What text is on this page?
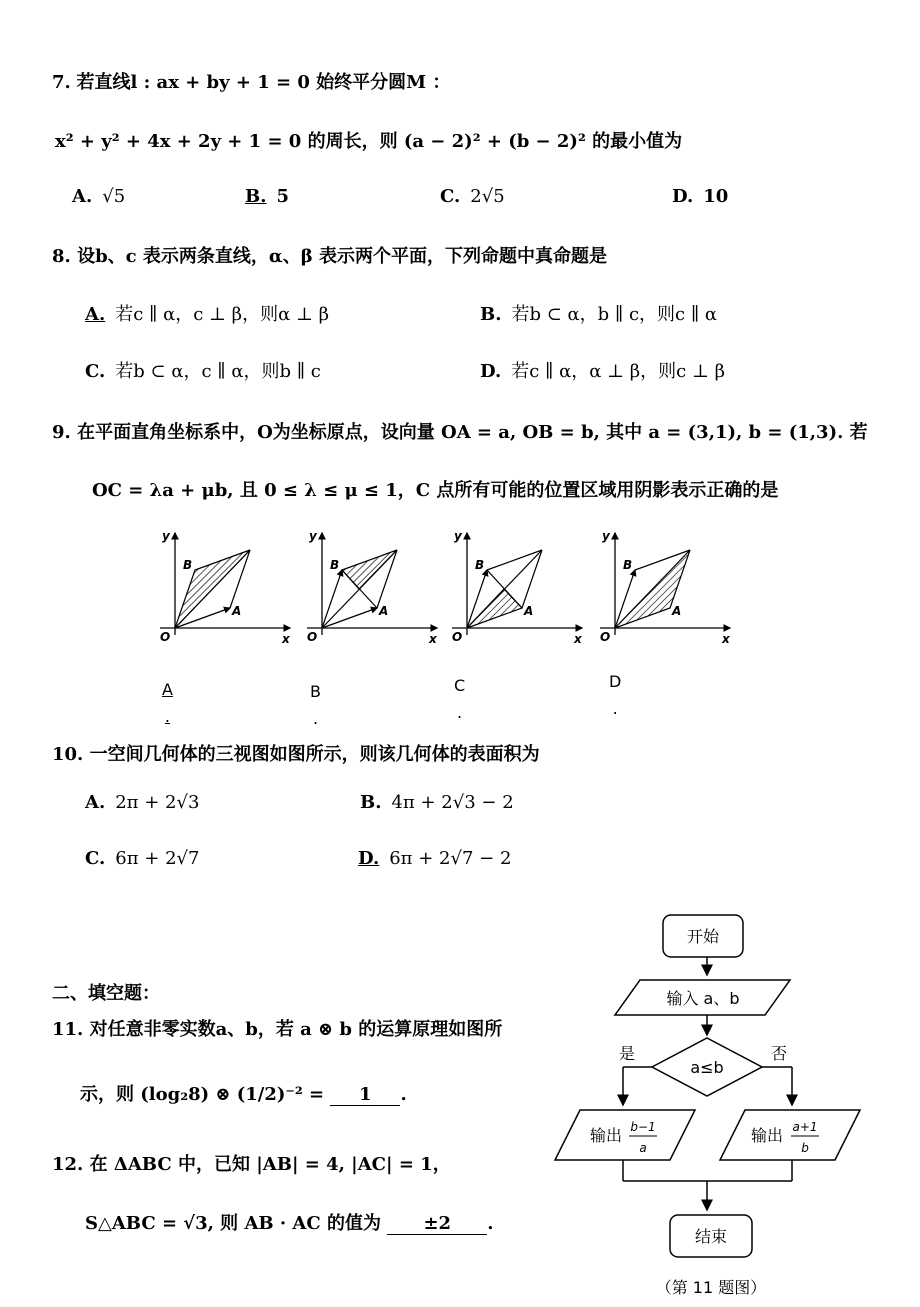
7. 若直线l : ax + by + 1 = 0 始终平分圆M ：
x² + y² + 4x + 2y + 1 = 0 的周长，则 (a − 2)² + (b − 2)² 的最小值为
A. √5	B. 5	C. 2√5	D. 10
8. 设b、c 表示两条直线，α、β 表示两个平面，下列命题中真命题是
A. 若c ∥ α，c ⊥ β，则α ⊥ β	B. 若b ⊂ α，b ∥ c，则c ∥ α
C. 若b ⊂ α，c ∥ α，则b ∥ c	D. 若c ∥ α，α ⊥ β，则c ⊥ β
9. 在平面直角坐标系中，O为坐标原点，设向量 OA = a, OB = b, 其中 a = (3,1), b = (1,3). 若
OC = λa + μb, 且 0 ≤ λ ≤ μ ≤ 1，C 点所有可能的位置区域用阴影表示正确的是
y
x
O
B
A
y
x
O
B
A
y
x
O
B
A
y
x
O
B
A
A
.
B
.
C
.
D
.
10. 一空间几何体的三视图如图所示，则该几何体的表面积为
A. 2π + 2√3	B. 4π + 2√3 − 2
C. 6π + 2√7	D. 6π + 2√7 − 2
二、填空题：
11. 对任意非零实数a、b，若 a ⊗ b 的运算原理如图所
示，则 (log₂8) ⊗ (1/2)⁻² = 1 .
12. 在 ΔABC 中，已知 |AB| = 4, |AC| = 1，
S△ABC = √3, 则 AB · AC 的值为 ±2 .
开始
输入 a、b
a≤b
是	否
输出 b−1
a
输出 a+1
b
结束
（第 11 题图）
